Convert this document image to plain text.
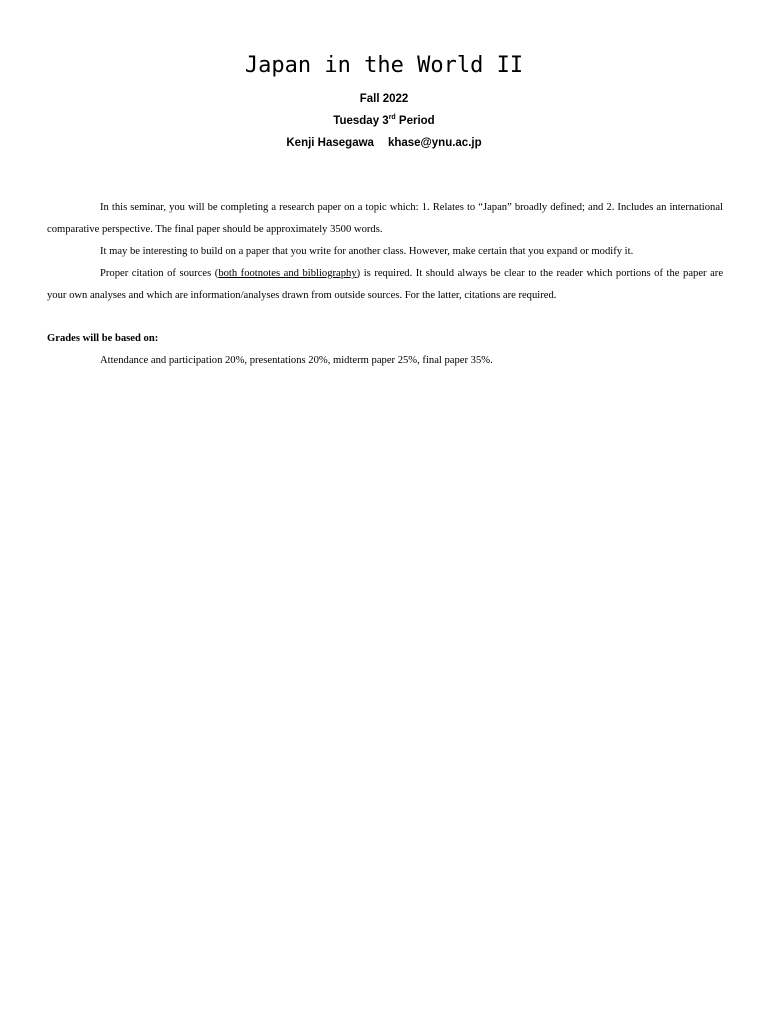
Japan in the World II
Fall 2022
Tuesday 3rd Period
Kenji Hasegawa khase@ynu.ac.jp

In this seminar, you will be completing a research paper on a topic which: 1. Relates to “Japan” broadly defined; and 2. Includes an international comparative perspective. The final paper should be approximately 3500 words.

It may be interesting to build on a paper that you write for another class. However, make certain that you expand or modify it.

Proper citation of sources (both footnotes and bibliography) is required. It should always be clear to the reader which portions of the paper are your own analyses and which are information/analyses drawn from outside sources. For the latter, citations are required.

Grades will be based on:
Attendance and participation 20%, presentations 20%, midterm paper 25%, final paper 35%.
